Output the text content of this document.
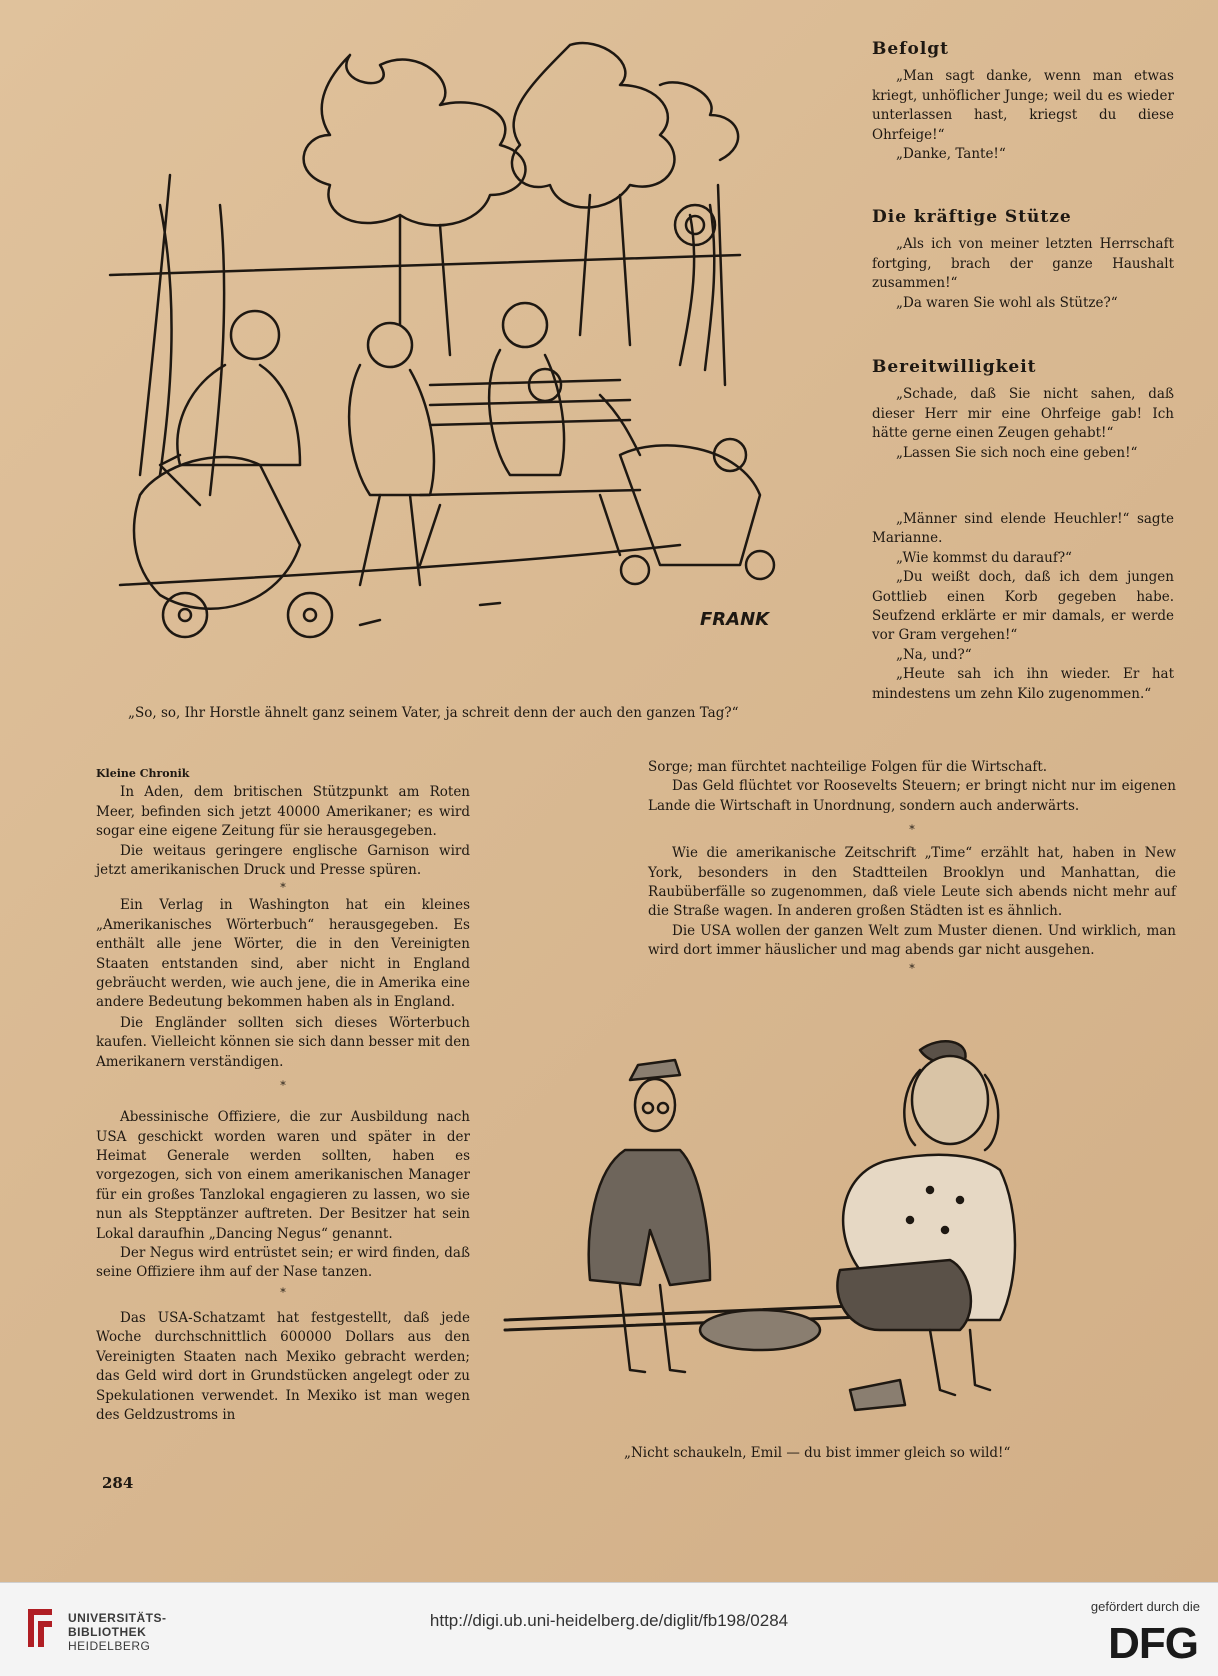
FRANK
„So, so, Ihr Horstle ähnelt ganz seinem Vater, ja schreit denn der auch den ganzen Tag?“
Befolgt

„Man sagt danke, wenn man etwas kriegt, unhöflicher Junge; weil du es wieder unterlassen hast, kriegst du diese Ohrfeige!“

„Danke, Tante!“

Die kräftige Stütze

„Als ich von meiner letzten Herrschaft fortging, brach der ganze Haushalt zusammen!“

„Da waren Sie wohl als Stütze?“

Bereitwilligkeit

„Schade, daß Sie nicht sahen, daß dieser Herr mir eine Ohrfeige gab! Ich hätte gerne einen Zeugen gehabt!“

„Lassen Sie sich noch eine geben!“

„Männer sind elende Heuchler!“ sagte Marianne.

„Wie kommst du darauf?“

„Du weißt doch, daß ich dem jungen Gottlieb einen Korb gegeben habe. Seufzend erklärte er mir damals, er werde vor Gram vergehen!“

„Na, und?“

„Heute sah ich ihn wieder. Er hat mindestens um zehn Kilo zugenommen.“

Kleine Chronik

In Aden, dem britischen Stützpunkt am Roten Meer, befinden sich jetzt 40000 Amerikaner; es wird sogar eine eigene Zeitung für sie herausgegeben.

Die weitaus geringere englische Garnison wird jetzt amerikanischen Druck und Presse spüren.

*

Ein Verlag in Washington hat ein kleines „Amerikanisches Wörterbuch“ herausgegeben. Es enthält alle jene Wörter, die in den Vereinigten Staaten entstanden sind, aber nicht in England gebräucht werden, wie auch jene, die in Amerika eine andere Bedeutung bekommen haben als in England.

Die Engländer sollten sich dieses Wörterbuch kaufen. Vielleicht können sie sich dann besser mit den Amerikanern verständigen.

*

Abessinische Offiziere, die zur Ausbildung nach USA geschickt worden waren und später in der Heimat Generale werden sollten, haben es vorgezogen, sich von einem amerikanischen Manager für ein großes Tanzlokal engagieren zu lassen, wo sie nun als Stepptänzer auftreten. Der Besitzer hat sein Lokal daraufhin „Dancing Negus“ genannt.

Der Negus wird entrüstet sein; er wird finden, daß seine Offiziere ihm auf der Nase tanzen.

*

Das USA-Schatzamt hat festgestellt, daß jede Woche durchschnittlich 600000 Dollars aus den Vereinigten Staaten nach Mexiko gebracht werden; das Geld wird dort in Grundstücken angelegt oder zu Spekulationen verwendet. In Mexiko ist man wegen des Geldzustroms in

Sorge; man fürchtet nachteilige Folgen für die Wirtschaft.

Das Geld flüchtet vor Roosevelts Steuern; er bringt nicht nur im eigenen Lande die Wirtschaft in Unordnung, sondern auch anderwärts.

*

Wie die amerikanische Zeitschrift „Time“ erzählt hat, haben in New York, besonders in den Stadtteilen Brooklyn und Manhattan, die Raubüberfälle so zugenommen, daß viele Leute sich abends nicht mehr auf die Straße wagen. In anderen großen Städten ist es ähnlich.

Die USA wollen der ganzen Welt zum Muster dienen. Und wirklich, man wird dort immer häuslicher und mag abends gar nicht ausgehen.

*
„Nicht schaukeln, Emil — du bist immer gleich so wild!“
284
UNIVERSITÄTS-
BIBLIOTHEK
HEIDELBERG
http://digi.ub.uni-heidelberg.de/diglit/fb198/0284
gefördert durch die
DFG
